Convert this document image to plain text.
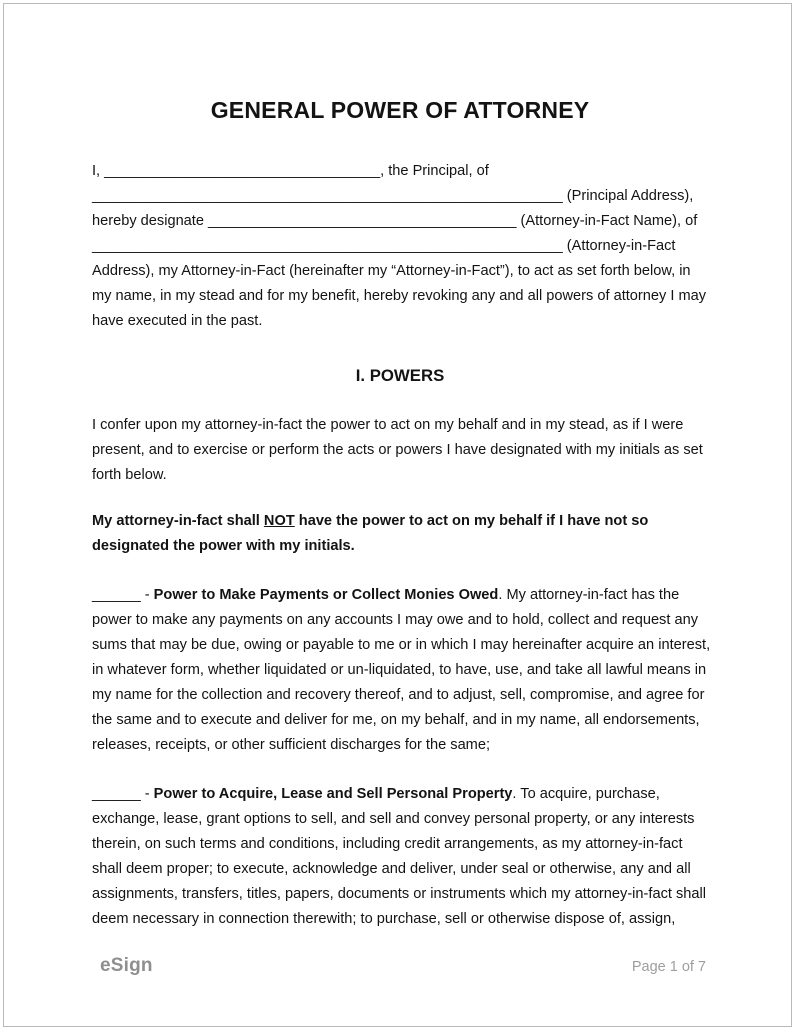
GENERAL POWER OF ATTORNEY
I, __________________________________, the Principal, of
__________________________________________________________ (Principal Address),
hereby designate ______________________________________ (Attorney-in-Fact Name), of
__________________________________________________________ (Attorney-in-Fact
Address), my Attorney-in-Fact (hereinafter my “Attorney-in-Fact”), to act as set forth below, in
my name, in my stead and for my benefit, hereby revoking any and all powers of attorney I may
have executed in the past.
I. POWERS
I confer upon my attorney-in-fact the power to act on my behalf and in my stead, as if I were
present, and to exercise or perform the acts or powers I have designated with my initials as set
forth below.
My attorney-in-fact shall NOT have the power to act on my behalf if I have not so
designated the power with my initials.
______ - Power to Make Payments or Collect Monies Owed. My attorney-in-fact has the
power to make any payments on any accounts I may owe and to hold, collect and request any
sums that may be due, owing or payable to me or in which I may hereinafter acquire an interest,
in whatever form, whether liquidated or un-liquidated, to have, use, and take all lawful means in
my name for the collection and recovery thereof, and to adjust, sell, compromise, and agree for
the same and to execute and deliver for me, on my behalf, and in my name, all endorsements,
releases, receipts, or other sufficient discharges for the same;
______ - Power to Acquire, Lease and Sell Personal Property. To acquire, purchase,
exchange, lease, grant options to sell, and sell and convey personal property, or any interests
therein, on such terms and conditions, including credit arrangements, as my attorney-in-fact
shall deem proper; to execute, acknowledge and deliver, under seal or otherwise, any and all
assignments, transfers, titles, papers, documents or instruments which my attorney-in-fact shall
deem necessary in connection therewith; to purchase, sell or otherwise dispose of, assign,
eSign	Page 1 of 7
